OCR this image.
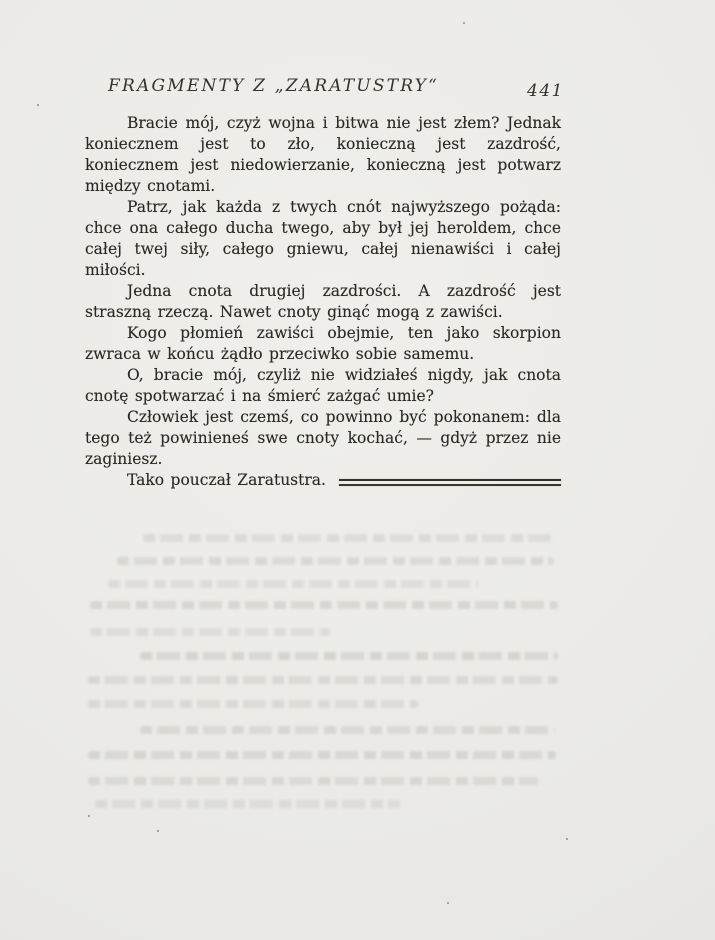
FRAGMENTY Z „ZARATUSTRY“	441

Bracie mój, czyż wojna i bitwa nie jest złem? Jednak koniecznem jest to zło, konieczną jest zazdrość, koniecznem jest niedowierzanie, konieczną jest potwarz między cnotami.

Patrz, jak każda z twych cnót najwyższego pożąda: chce ona całego ducha twego, aby był jej heroldem, chce całej twej siły, całego gniewu, całej nienawiści i całej miłości.

Jedna cnota drugiej zazdrości. A zazdrość jest straszną rzeczą. Nawet cnoty ginąć mogą z zawiści.

Kogo płomień zawiści obejmie, ten jako skorpion zwraca w końcu żądło przeciwko sobie samemu.

O, bracie mój, czyliż nie widziałeś nigdy, jak cnota cnotę spotwarzać i na śmierć zażgać umie?

Człowiek jest czemś, co powinno być pokonanem: dla tego też powinieneś swe cnoty kochać, — gdyż przez nie zaginiesz.

Tako pouczał Zaratustra.
